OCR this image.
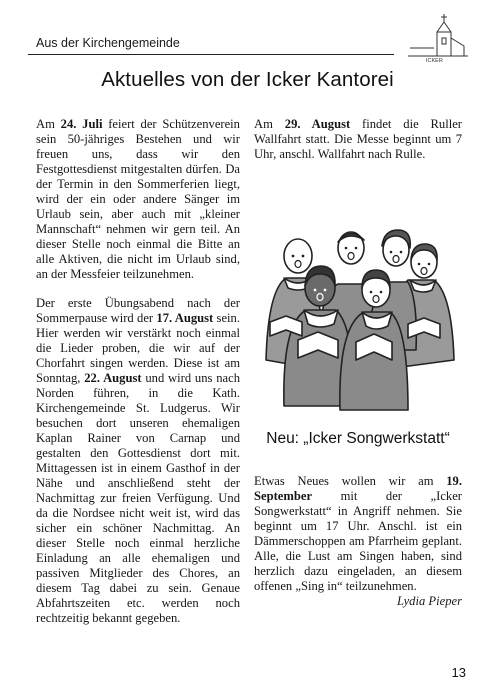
Aus der Kirchengemeinde
ICKER
Aktuelles von der Icker Kantorei

Am 24. Juli feiert der Schützenverein sein 50-jähriges Bestehen und wir freuen uns, dass wir den Festgottesdienst mitgestalten dürfen. Da der Termin in den Sommerferien liegt, wird der ein oder andere Sänger im Urlaub sein, aber auch mit „kleiner Mannschaft“ nehmen wir gern teil. An dieser Stelle noch einmal die Bitte an alle Aktiven, die nicht im Urlaub sind, an der Messfeier teilzunehmen.

Der erste Übungsabend nach der Sommerpause wird der 17. August sein. Hier werden wir verstärkt noch einmal die Lieder proben, die wir auf der Chorfahrt singen werden. Diese ist am Sonntag, 22. August und wird uns nach Norden führen, in die Kath. Kirchengemeinde St. Ludgerus. Wir besuchen dort unseren ehemaligen Kaplan Rainer von Carnap und gestalten den Gottesdienst dort mit. Mittagessen ist in einem Gasthof in der Nähe und anschließend steht der Nachmittag zur freien Verfügung. Und da die Nordsee nicht weit ist, wird das sicher ein schöner Nachmittag. An dieser Stelle noch einmal herzliche Einladung an alle ehemaligen und passiven Mitglieder des Chores, an diesem Tag dabei zu sein. Genaue Abfahrtszeiten etc. werden noch rechtzeitig bekannt gegeben.

Am 29. August findet die Ruller Wallfahrt statt. Die Messe beginnt um 7 Uhr, anschl. Wallfahrt nach Rulle.

Neu: „Icker Songwerkstatt“

Etwas Neues wollen wir am 19. September mit der „Icker Songwerkstatt“ in Angriff nehmen. Sie beginnt um 17 Uhr. Anschl. ist ein Dämmerschoppen am Pfarrheim geplant. Alle, die Lust am Singen haben, sind herzlich dazu eingeladen, an diesem offenen „Sing in“ teilzunehmen.

Lydia Pieper
13
